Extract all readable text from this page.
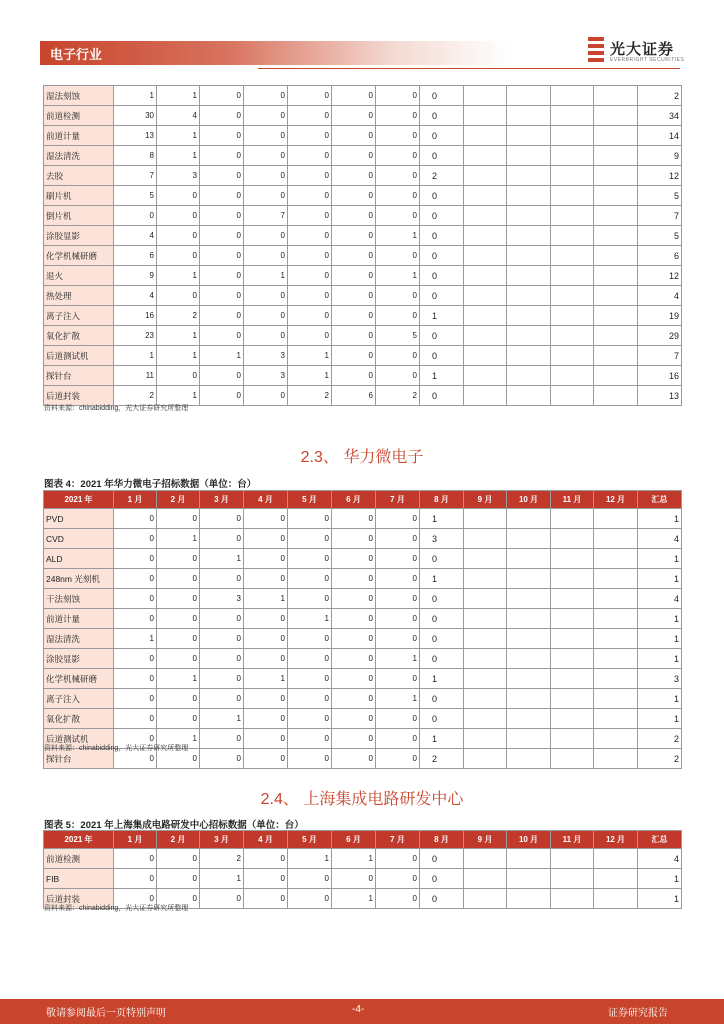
电子行业	光大证券
EVERBRIGHT SECURITIES
湿法刻蚀	1	1	0	0	0	0	0	0					2
前道检测	30	4	0	0	0	0	0	0					34
前道计量	13	1	0	0	0	0	0	0					14
湿法清洗	8	1	0	0	0	0	0	0					9
去胶	7	3	0	0	0	0	0	2					12
刷片机	5	0	0	0	0	0	0	0					5
倒片机	0	0	0	7	0	0	0	0					7
涂胶显影	4	0	0	0	0	0	1	0					5
化学机械研磨	6	0	0	0	0	0	0	0					6
退火	9	1	0	1	0	0	1	0					12
热处理	4	0	0	0	0	0	0	0					4
离子注入	16	2	0	0	0	0	0	1					19
氧化扩散	23	1	0	0	0	0	5	0					29
后道测试机	1	1	1	3	1	0	0	0					7
探针台	11	0	0	3	1	0	0	1					16
后道封装	2	1	0	0	2	6	2	0					13
资料来源：chinabidding，光大证券研究所整理
2.3、 华力微电子
图表 4：2021 年华力微电子招标数据（单位：台）
2021 年	1 月	2 月	3 月	4 月	5 月	6 月	7 月	8 月	9 月	10 月	11 月	12 月	汇总
PVD	0	0	0	0	0	0	0	1					1
CVD	0	1	0	0	0	0	0	3					4
ALD	0	0	1	0	0	0	0	0					1
248nm 光刻机	0	0	0	0	0	0	0	1					1
干法刻蚀	0	0	3	1	0	0	0	0					4
前道计量	0	0	0	0	1	0	0	0					1
湿法清洗	1	0	0	0	0	0	0	0					1
涂胶显影	0	0	0	0	0	0	1	0					1
化学机械研磨	0	1	0	1	0	0	0	1					3
离子注入	0	0	0	0	0	0	1	0					1
氧化扩散	0	0	1	0	0	0	0	0					1
后道测试机	0	1	0	0	0	0	0	1					2
探针台	0	0	0	0	0	0	0	2					2
资料来源：chinabidding，光大证券研究所整理
2.4、 上海集成电路研发中心
图表 5：2021 年上海集成电路研发中心招标数据（单位：台）
2021 年	1 月	2 月	3 月	4 月	5 月	6 月	7 月	8 月	9 月	10 月	11 月	12 月	汇总
前道检测	0	0	2	0	1	1	0	0					4
FIB	0	0	1	0	0	0	0	0					1
后道封装	0	0	0	0	0	1	0	0					1
资料来源：chinabidding，光大证券研究所整理
敬请参阅最后一页特别声明	-4-	证券研究报告
